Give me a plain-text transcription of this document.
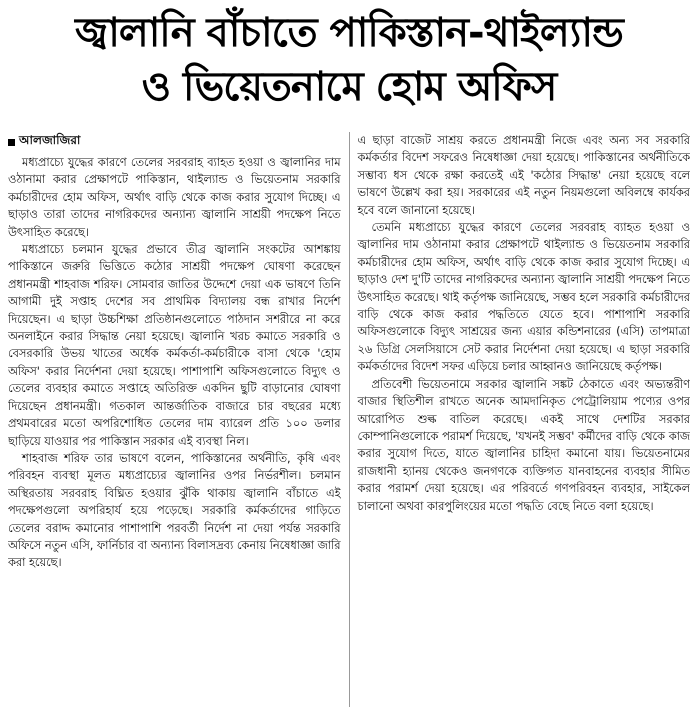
জ্বালানি বাঁচাতে পাকিস্তান-থাইল্যান্ড
ও ভিয়েতনামে হোম অফিস
আলজাজিরা

মধ্যপ্রাচ্যে যুদ্ধের কারণে তেলের সরবরাহ ব্যাহত হওয়া ও জ্বালানির দাম ওঠানামা করার প্রেক্ষাপটে পাকিস্তান, থাইল্যান্ড ও ভিয়েতনাম সরকারি কর্মচারীদের হোম অফিস, অর্থাৎ বাড়ি থেকে কাজ করার সুযোগ দিচ্ছে। এ ছাড়াও তারা তাদের নাগরিকদের অন্যান্য জ্বালানি সাশ্রয়ী পদক্ষেপ নিতে উৎসাহিত করেছে।

মধ্যপ্রাচ্যে চলমান যুদ্ধের প্রভাবে তীব্র জ্বালানি সংকটের আশঙ্কায় পাকিস্তানে জরুরি ভিত্তিতে কঠোর সাশ্রয়ী পদক্ষেপ ঘোষণা করেছেন প্রধানমন্ত্রী শাহবাজ শরিফ। সোমবার জাতির উদ্দেশে দেয়া এক ভাষণে তিনি আগামী দুই সপ্তাহ দেশের সব প্রাথমিক বিদ্যালয় বন্ধ রাখার নির্দেশ দিয়েছেন। এ ছাড়া উচ্চশিক্ষা প্রতিষ্ঠানগুলোতে পাঠদান সশরীরে না করে অনলাইনে করার সিদ্ধান্ত নেয়া হয়েছে। জ্বালানি খরচ কমাতে সরকারি ও বেসরকারি উভয় খাতের অর্ধেক কর্মকর্তা-কর্মচারীকে বাসা থেকে 'হোম অফিস' করার নির্দেশনা দেয়া হয়েছে। পাশাপাশি অফিসগুলোতে বিদ্যুৎ ও তেলের ব্যবহার কমাতে সপ্তাহে অতিরিক্ত একদিন ছুটি বাড়ানোর ঘোষণা দিয়েছেন প্রধানমন্ত্রী। গতকাল আন্তর্জাতিক বাজারে চার বছরের মধ্যে প্রথমবারের মতো অপরিশোধিত তেলের দাম ব্যারেল প্রতি ১০০ ডলার ছাড়িয়ে যাওয়ার পর পাকিস্তান সরকার এই ব্যবস্থা নিল।

শাহবাজ শরিফ তার ভাষণে বলেন, পাকিস্তানের অর্থনীতি, কৃষি এবং পরিবহন ব্যবস্থা মূলত মধ্যপ্রাচ্যের জ্বালানির ওপর নির্ভরশীল। চলমান অস্থিরতায় সরবরাহ বিঘ্নিত হওয়ার ঝুঁকি থাকায় জ্বালানি বাঁচাতে এই পদক্ষেপগুলো অপরিহার্য হয়ে পড়েছে। সরকারি কর্মকর্তাদের গাড়িতে তেলের বরাদ্দ কমানোর পাশাপাশি পরবর্তী নির্দেশ না দেয়া পর্যন্ত সরকারি অফিসে নতুন এসি, ফার্নিচার বা অন্যান্য বিলাসদ্রব্য কেনায় নিষেধাজ্ঞা জারি করা হয়েছে।

এ ছাড়া বাজেট সাশ্রয় করতে প্রধানমন্ত্রী নিজে এবং অন্য সব সরকারি কর্মকর্তার বিদেশ সফরেও নিষেধাজ্ঞা দেয়া হয়েছে। পাকিস্তানের অর্থনীতিকে সম্ভাব্য ধস থেকে রক্ষা করতেই এই 'কঠোর সিদ্ধান্ত' নেয়া হয়েছে বলে ভাষণে উল্লেখ করা হয়। সরকারের এই নতুন নিয়মগুলো অবিলম্বে কার্যকর হবে বলে জানানো হয়েছে।

তেমনি মধ্যপ্রাচ্যে যুদ্ধের কারণে তেলের সরবরাহ ব্যাহত হওয়া ও জ্বালানির দাম ওঠানামা করার প্রেক্ষাপটে থাইল্যান্ড ও ভিয়েতনাম সরকারি কর্মচারীদের হোম অফিস, অর্থাৎ বাড়ি থেকে কাজ করার সুযোগ দিচ্ছে। এ ছাড়াও দেশ দু'টি তাদের নাগরিকদের অন্যান্য জ্বালানি সাশ্রয়ী পদক্ষেপ নিতে উৎসাহিত করেছে। থাই কর্তৃপক্ষ জানিয়েছে, সম্ভব হলে সরকারি কর্মচারীদের বাড়ি থেকে কাজ করার পদ্ধতিতে যেতে হবে। পাশাপাশি সরকারি অফিসগুলোকে বিদ্যুৎ সাশ্রয়ের জন্য এয়ার কন্ডিশনারের (এসি) তাপমাত্রা ২৬ ডিগ্রি সেলসিয়াসে সেট করার নির্দেশনা দেয়া হয়েছে। এ ছাড়া সরকারি কর্মকর্তাদের বিদেশ সফর এড়িয়ে চলার আহ্বানও জানিয়েছে কর্তৃপক্ষ।

প্রতিবেশী ভিয়েতনামে সরকার জ্বালানি সঙ্কট ঠেকাতে এবং অভ্যন্তরীণ বাজার স্থিতিশীল রাখতে অনেক আমদানিকৃত পেট্রোলিয়াম পণ্যের ওপর আরোপিত শুল্ক বাতিল করেছে। একই সাথে দেশটির সরকার কোম্পানিগুলোকে পরামর্শ দিয়েছে, 'যখনই সম্ভব' কর্মীদের বাড়ি থেকে কাজ করার সুযোগ দিতে, যাতে জ্বালানির চাহিদা কমানো যায়। ভিয়েতনামের রাজধানী হ্যানয় থেকেও জনগণকে ব্যক্তিগত যানবাহনের ব্যবহার সীমিত করার পরামর্শ দেয়া হয়েছে। এর পরিবর্তে গণপরিবহন ব্যবহার, সাইকেল চালানো অথবা কারপুলিংয়ের মতো পদ্ধতি বেছে নিতে বলা হয়েছে।
